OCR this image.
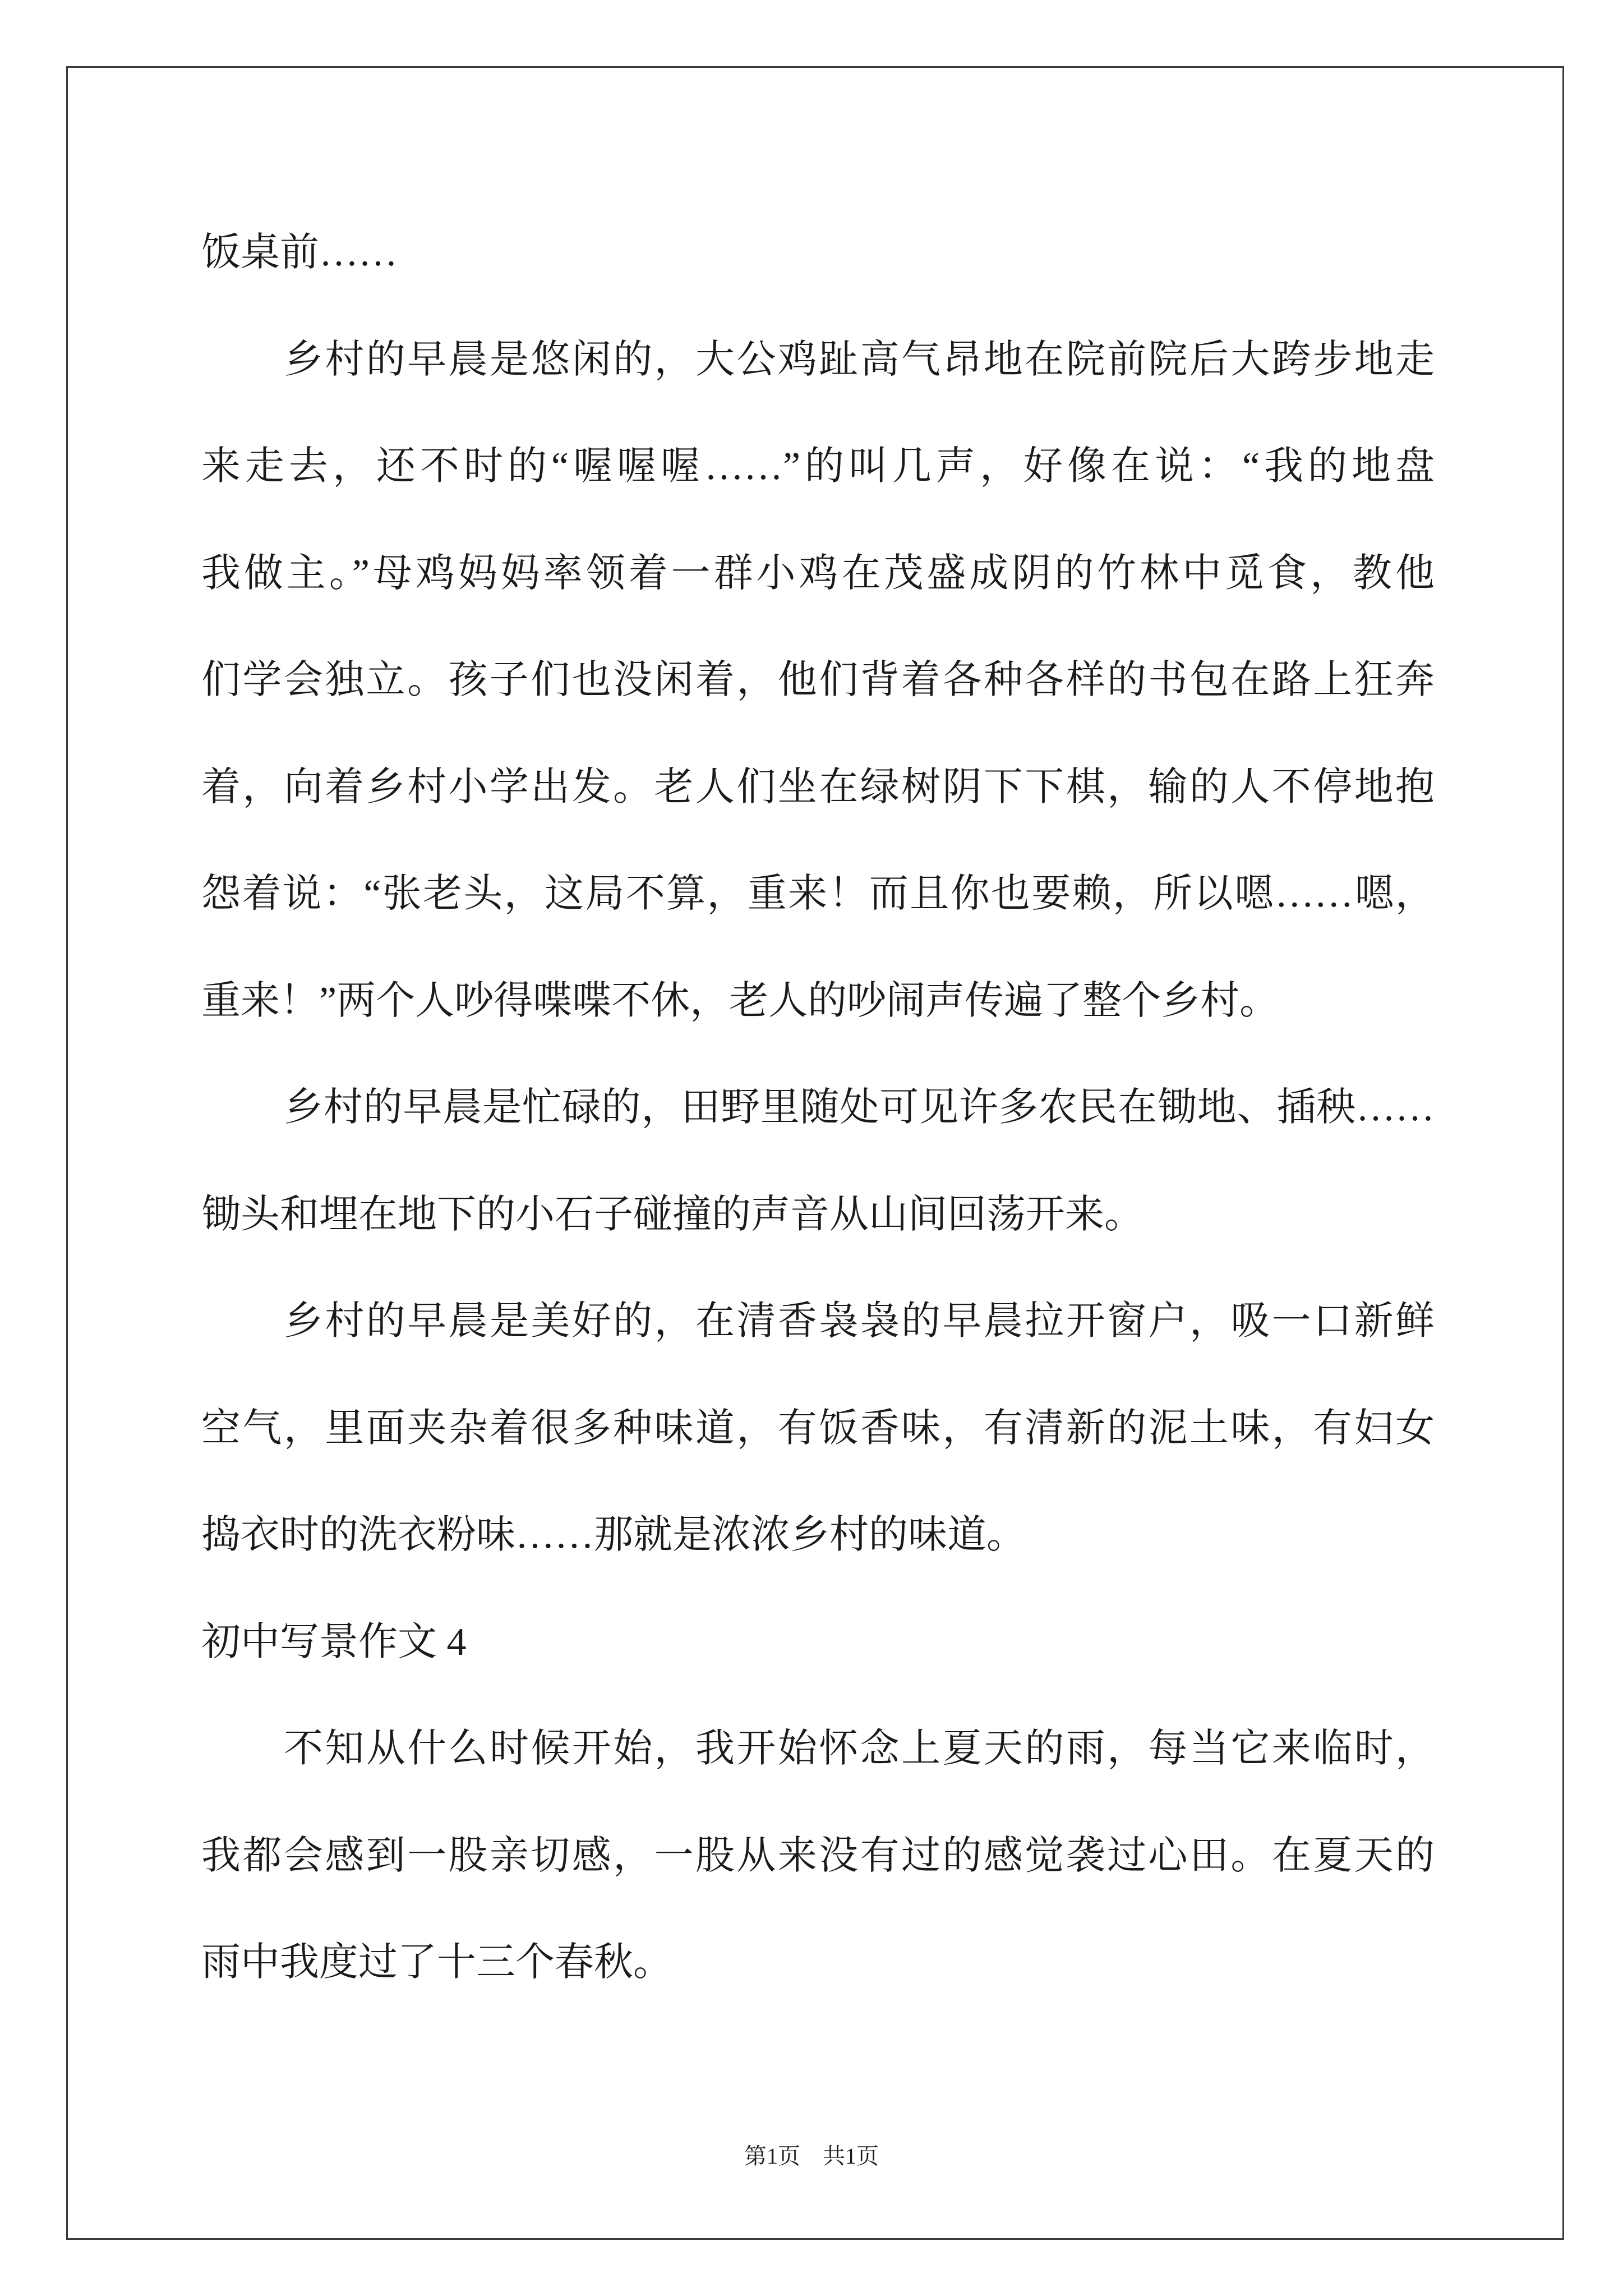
饭桌前……
乡村的早晨是悠闲的，大公鸡趾高气昂地在院前院后大跨步地走
来走去，还不时的“喔喔喔……”的叫几声，好像在说：“我的地盘
我做主。”母鸡妈妈率领着一群小鸡在茂盛成阴的竹林中觅食，教他
们学会独立。孩子们也没闲着，他们背着各种各样的书包在路上狂奔
着，向着乡村小学出发。老人们坐在绿树阴下下棋，输的人不停地抱
怨着说：“张老头，这局不算，重来！而且你也要赖，所以嗯……嗯，
重来！”两个人吵得喋喋不休，老人的吵闹声传遍了整个乡村。
乡村的早晨是忙碌的，田野里随处可见许多农民在锄地、插秧……
锄头和埋在地下的小石子碰撞的声音从山间回荡开来。
乡村的早晨是美好的，在清香袅袅的早晨拉开窗户，吸一口新鲜
空气，里面夹杂着很多种味道，有饭香味，有清新的泥土味，有妇女
捣衣时的洗衣粉味……那就是浓浓乡村的味道。
初中写景作文 4
不知从什么时候开始，我开始怀念上夏天的雨，每当它来临时，
我都会感到一股亲切感，一股从来没有过的感觉袭过心田。在夏天的
雨中我度过了十三个春秋。
第1页　共1页
